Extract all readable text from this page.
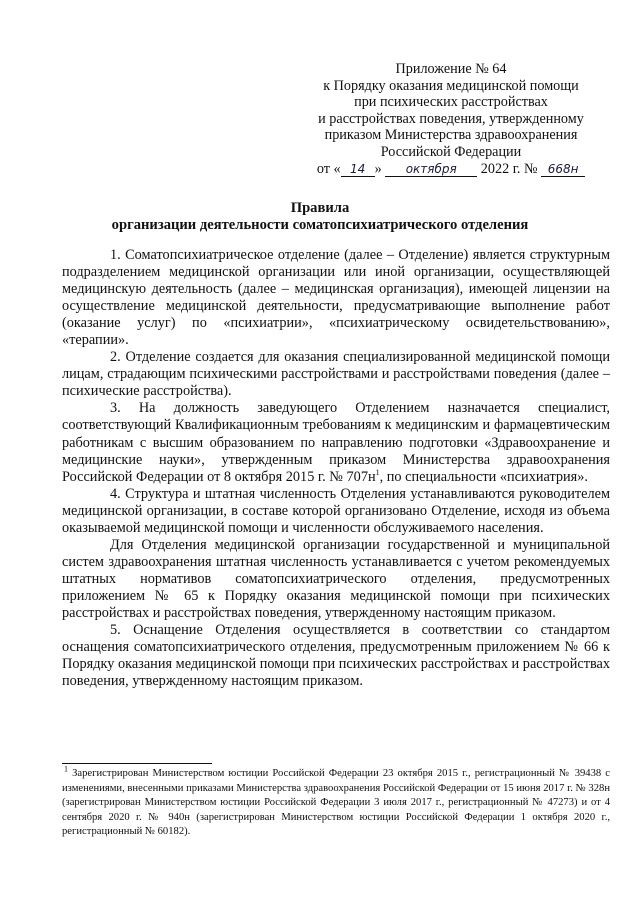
Приложение № 64
к Порядку оказания медицинской помощи
при психических расстройствах
и расстройствах поведения, утвержденному
приказом Министерства здравоохранения
Российской Федерации
от « 14 » октября 2022 г. № 668н
Правила
организации деятельности соматопсихиатрического отделения

1. Соматопсихиатрическое отделение (далее – Отделение) является структурным подразделением медицинской организации или иной организации, осуществляющей медицинскую деятельность (далее – медицинская организация), имеющей лицензии на осуществление медицинской деятельности, предусматривающие выполнение работ (оказание услуг) по «психиатрии», «психиатрическому освидетельствованию», «терапии».

2. Отделение создается для оказания специализированной медицинской помощи лицам, страдающим психическими расстройствами и расстройствами поведения (далее – психические расстройства).

3. На должность заведующего Отделением назначается специалист, соответствующий Квалификационным требованиям к медицинским и фармацевтическим работникам с высшим образованием по направлению подготовки «Здравоохранение и медицинские науки», утвержденным приказом Министерства здравоохранения Российской Федерации от 8 октября 2015 г. № $707н^1$, по специальности «психиатрия».

4. Структура и штатная численность Отделения устанавливаются руководителем медицинской организации, в составе которой организовано Отделение, исходя из объема оказываемой медицинской помощи и численности обслуживаемого населения.

Для Отделения медицинской организации государственной и муниципальной систем здравоохранения штатная численность устанавливается с учетом рекомендуемых штатных нормативов соматопсихиатрического отделения, предусмотренных приложением № 65 к Порядку оказания медицинской помощи при психических расстройствах и расстройствах поведения, утвержденному настоящим приказом.

5. Оснащение Отделения осуществляется в соответствии со стандартом оснащения соматопсихиатрического отделения, предусмотренным приложением № 66 к Порядку оказания медицинской помощи при психических расстройствах и расстройствах поведения, утвержденному настоящим приказом.

$^1$ Зарегистрирован Министерством юстиции Российской Федерации 23 октября 2015 г., регистрационный № 39438 с изменениями, внесенными приказами Министерства здравоохранения Российской Федерации от 15 июня 2017 г. № 328н (зарегистрирован Министерством юстиции Российской Федерации 3 июля 2017 г., регистрационный № 47273) и от 4 сентября 2020 г. № 940н (зарегистрирован Министерством юстиции Российской Федерации 1 октября 2020 г., регистрационный № 60182).
